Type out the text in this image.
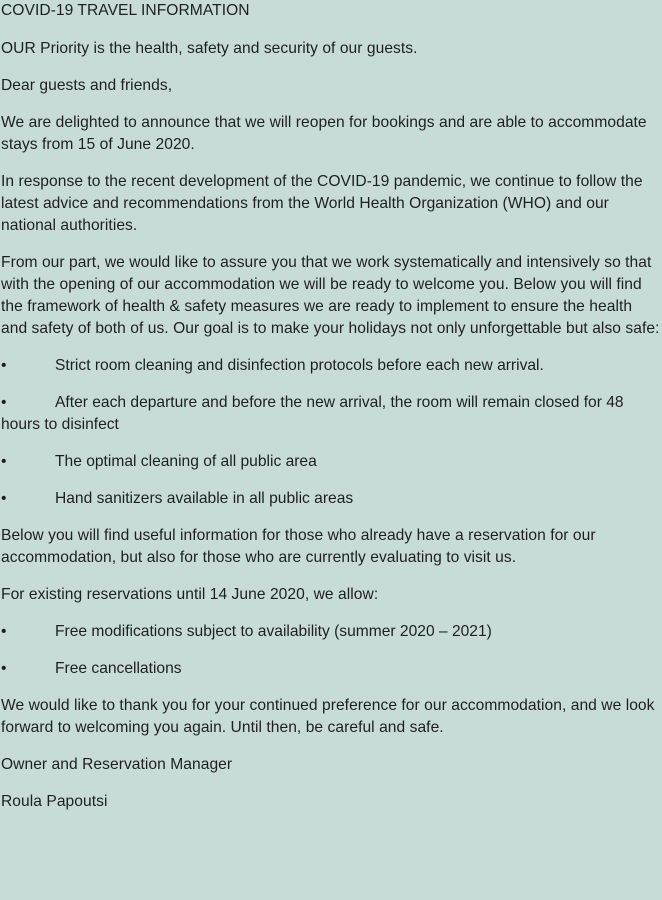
COVID-19 TRAVEL INFORMATION

OUR Priority is the health, safety and security of our guests.

Dear guests and friends,

We are delighted to announce that we will reopen for bookings and are able to accommodate stays from 15 of June 2020.

In response to the recent development of the COVID-19 pandemic, we continue to follow the latest advice and recommendations from the World Health Organization (WHO) and our national authorities.

From our part, we would like to assure you that we work systematically and intensively so that with the opening of our accommodation we will be ready to welcome you. Below you will find the framework of health & safety measures we are ready to implement to ensure the health and safety of both of us. Our goal is to make your holidays not only unforgettable but also safe:

•	Strict room cleaning and disinfection protocols before each new arrival.
•	After each departure and before the new arrival, the room will remain closed for 48 hours to disinfect
•	The optimal cleaning of all public area
•	Hand sanitizers available in all public areas

Below you will find useful information for those who already have a reservation for our accommodation, but also for those who are currently evaluating to visit us.

For existing reservations until 14 June 2020, we allow:

•	Free modifications subject to availability (summer 2020 – 2021)
•	Free cancellations

We would like to thank you for your continued preference for our accommodation, and we look forward to welcoming you again. Until then, be careful and safe.

Owner and Reservation Manager

Roula Papoutsi
